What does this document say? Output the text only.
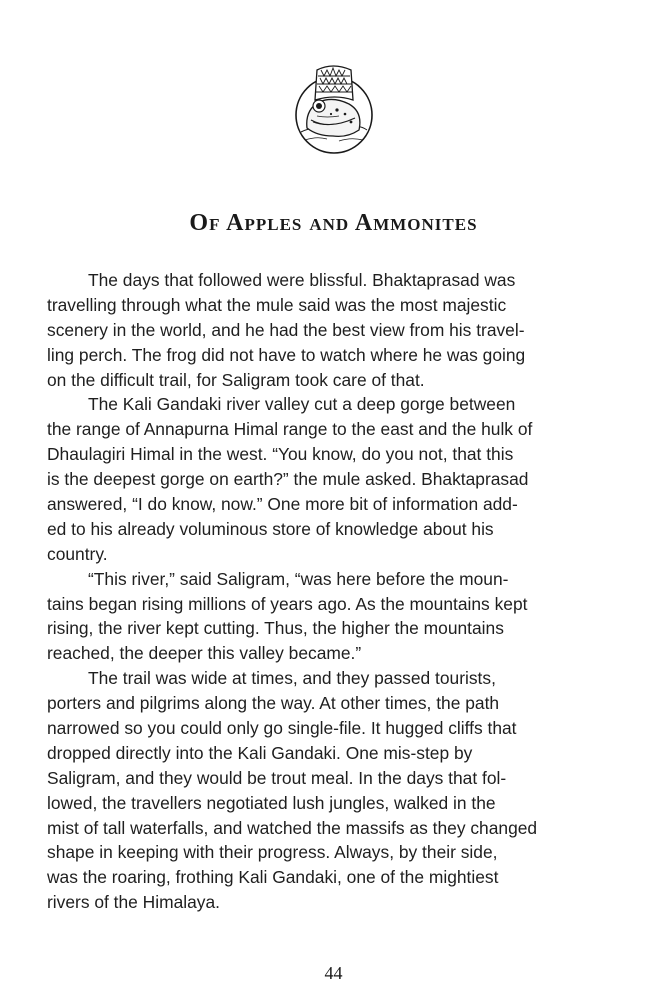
Of Apples and Ammonites
The days that followed were blissful. Bhaktaprasad was
travelling through what the mule said was the most majestic
scenery in the world, and he had the best view from his travel-
ling perch. The frog did not have to watch where he was going
on the difficult trail, for Saligram took care of that.
The Kali Gandaki river valley cut a deep gorge between
the range of Annapurna Himal range to the east and the hulk of
Dhaulagiri Himal in the west. “You know, do you not, that this
is the deepest gorge on earth?” the mule asked. Bhaktaprasad
answered, “I do know, now.” One more bit of information add-
ed to his already voluminous store of knowledge about his
country.
“This river,” said Saligram, “was here before the moun-
tains began rising millions of years ago. As the mountains kept
rising, the river kept cutting. Thus, the higher the mountains
reached, the deeper this valley became.”
The trail was wide at times, and they passed tourists,
porters and pilgrims along the way. At other times, the path
narrowed so you could only go single-file. It hugged cliffs that
dropped directly into the Kali Gandaki. One mis-step by
Saligram, and they would be trout meal. In the days that fol-
lowed, the travellers negotiated lush jungles, walked in the
mist of tall waterfalls, and watched the massifs as they changed
shape in keeping with their progress. Always, by their side,
was the roaring, frothing Kali Gandaki, one of the mightiest
rivers of the Himalaya.
44
